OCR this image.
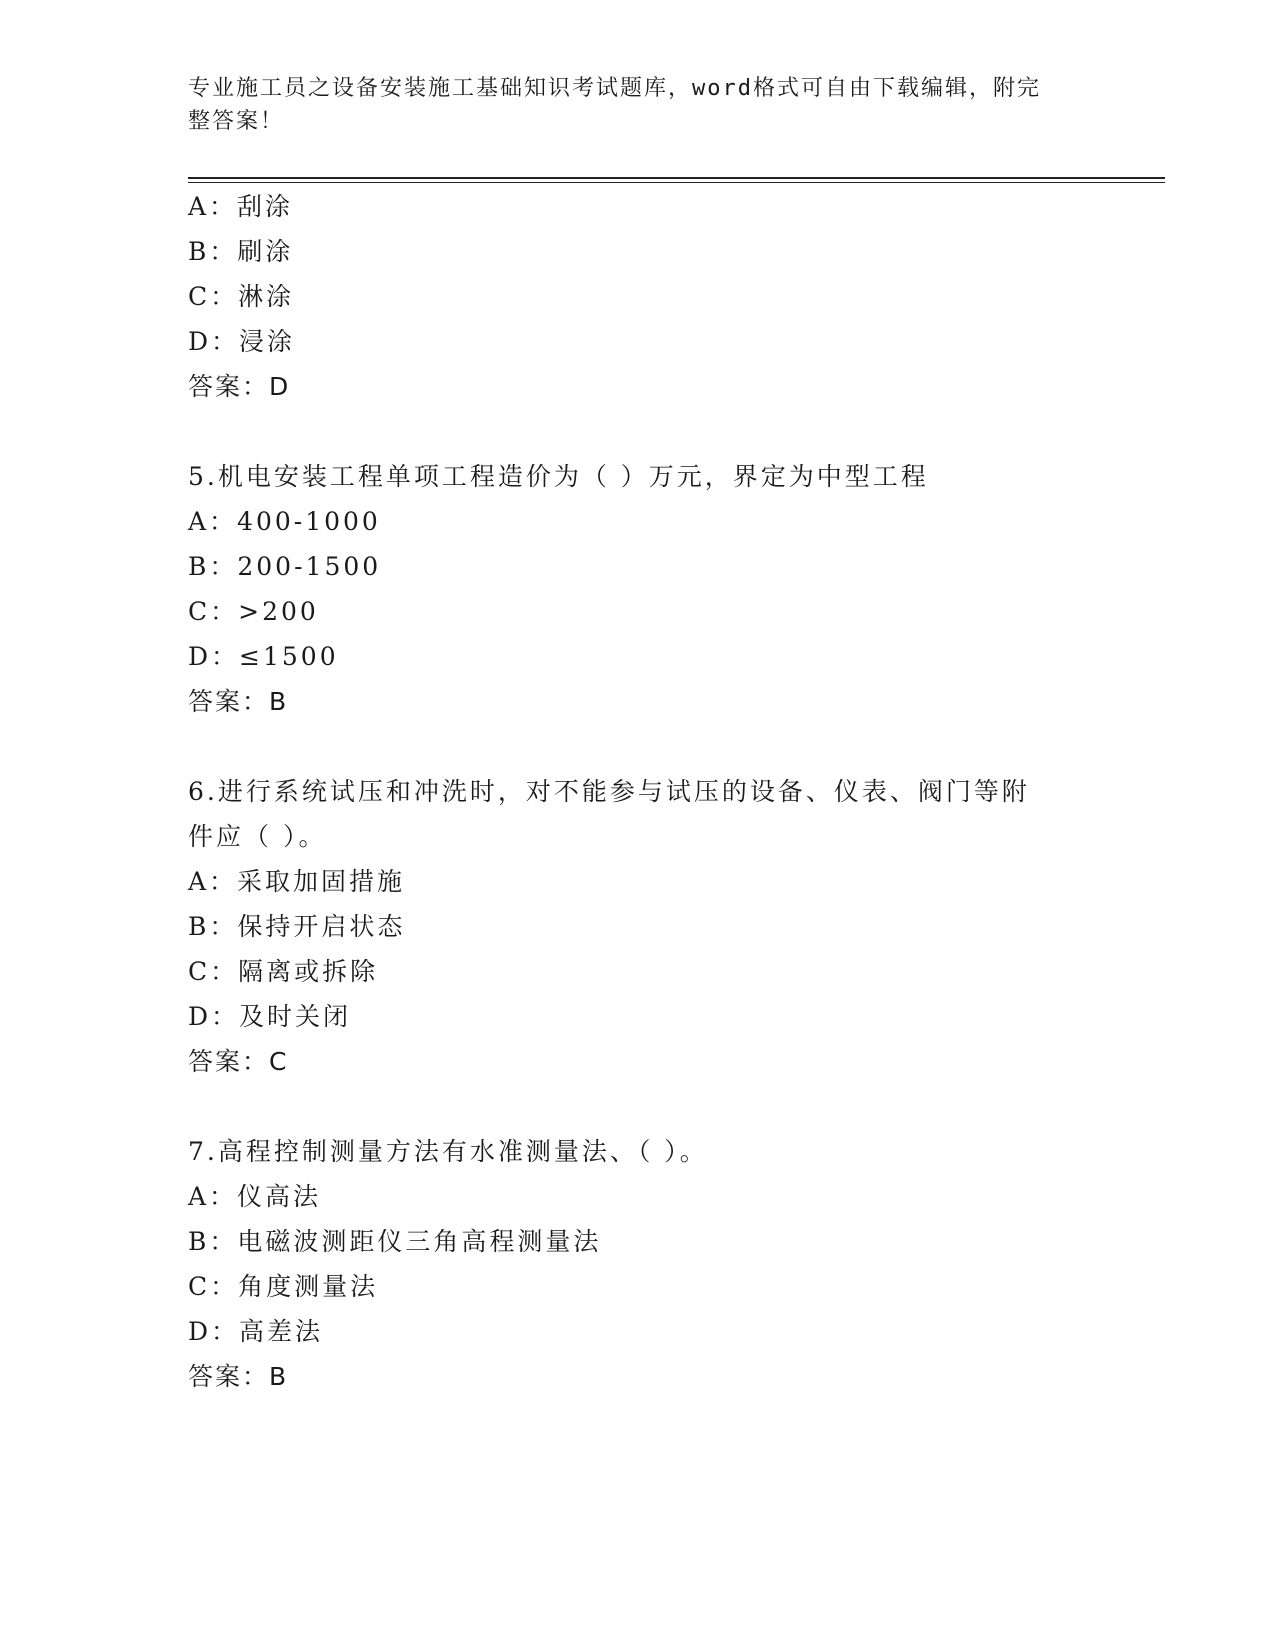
专业施工员之设备安装施工基础知识考试题库，word格式可自由下载编辑，附完
整答案！
A：刮涂
B：刷涂
C：淋涂
D：浸涂
答案：D
5.机电安装工程单项工程造价为（ ）万元，界定为中型工程
A：400-1000
B：200-1500
C：>200
D：≤1500
答案：B
6.进行系统试压和冲洗时，对不能参与试压的设备、仪表、阀门等附
件应（ ）。
A：采取加固措施
B：保持开启状态
C：隔离或拆除
D：及时关闭
答案：C
7.高程控制测量方法有水准测量法、（ ）。
A：仪高法
B：电磁波测距仪三角高程测量法
C：角度测量法
D：高差法
答案：B
